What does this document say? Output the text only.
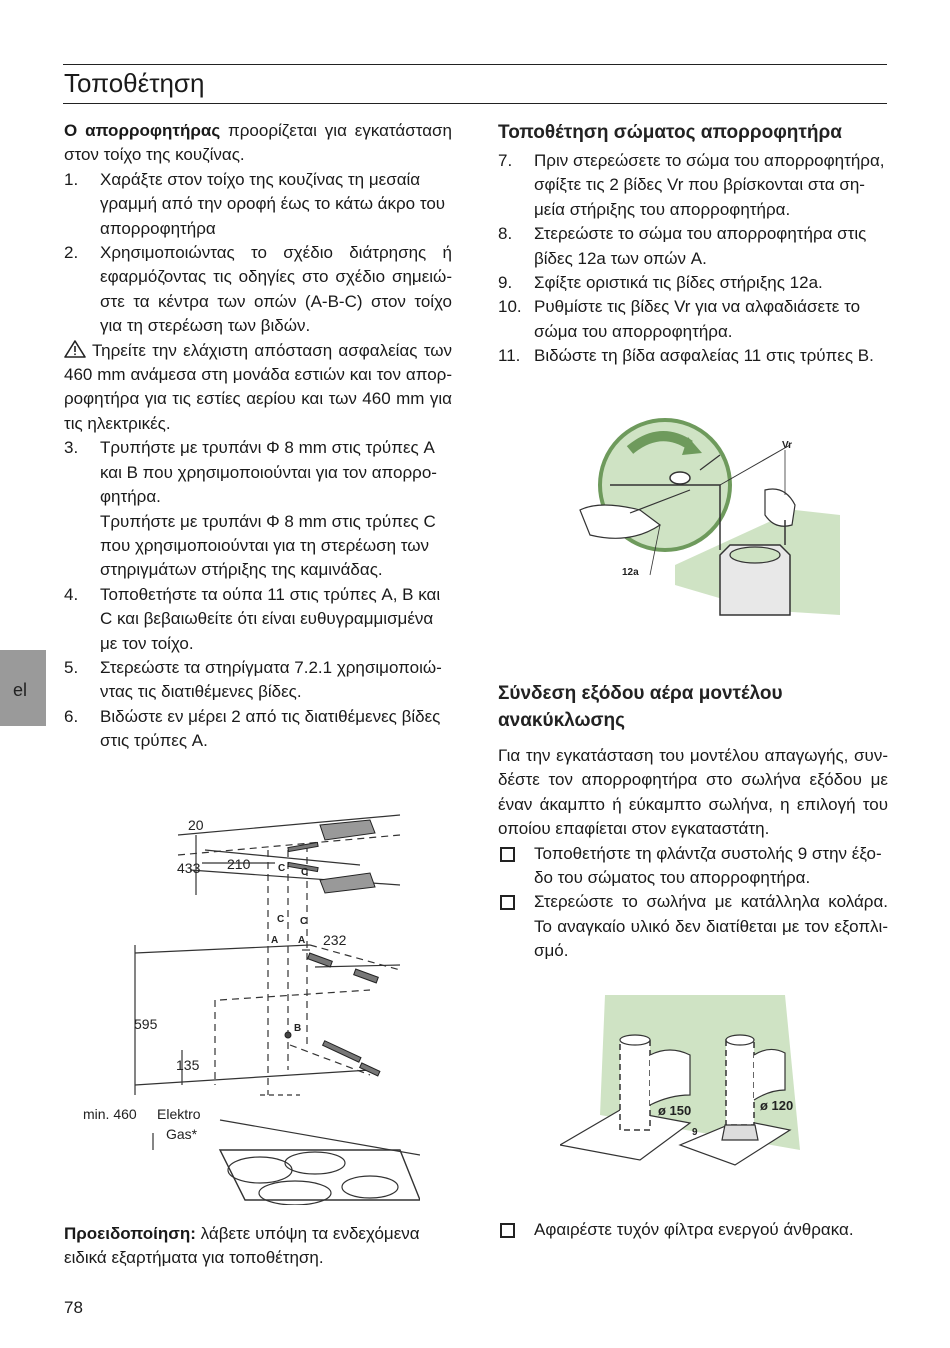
Τοποθέτηση

Ο απορροφητήρας προορίζεται για εγκατάσταση στον τοίχο της κουζίνας.

1. Χαράξτε στον τοίχο της κουζίνας τη μεσαία γραμμή από την οροφή έως το κάτω άκρο του απορροφητήρα
2. Χρησιμοποιώντας το σχέδιο διάτρησης ή εφαρμόζοντας τις οδηγίες στο σχέδιο σημειώ-στε τα κέντρα των οπών (A-B-C) στον τοίχο για τη στερέωση των βιδών.

Τηρείτε την ελάχιστη απόσταση ασφαλείας των 460 mm ανάμεσα στη μονάδα εστιών και τον απορ-ροφητήρα για τις εστίες αερίου και των 460 mm για τις ηλεκτρικές.

3. Τρυπήστε με τρυπάνι Φ 8 mm στις τρύπες A και B που χρησιμοποιούνται για τον απορρο-φητήρα.
Τρυπήστε με τρυπάνι Φ 8 mm στις τρύπες C που χρησιμοποιούνται για τη στερέωση των στηριγμάτων στήριξης της καμινάδας.
4. Τοποθετήστε τα ούπα 11 στις τρύπες A, B και C και βεβαιωθείτε ότι είναι ευθυγραμμισμένα με τον τοίχο.
5. Στερεώστε τα στηρίγματα 7.2.1 χρησιμοποιώ-ντας τις διατιθέμενες βίδες.
6. Βιδώστε εν μέρει 2 από τις διατιθέμενες βίδες στις τρύπες A.
20
433 210
232
595
135
min. 460 Elektro
Gas*
C C
C C
A A
B

Προειδοποίηση: λάβετε υπόψη τα ενδεχόμενα ειδικά εξαρτήματα για τοποθέτηση.

Τοποθέτηση σώματος απορροφητήρα
7. Πριν στερεώσετε το σώμα του απορροφητήρα, σφίξτε τις 2 βίδες Vr που βρίσκονται στα ση-μεία στήριξης του απορροφητήρα.
8. Στερεώστε το σώμα του απορροφητήρα στις βίδες 12a των οπών A.
9. Σφίξτε οριστικά τις βίδες στήριξης 12a.
10. Ρυθμίστε τις βίδες Vr για να αλφαδιάσετε το σώμα του απορροφητήρα.
11. Βιδώστε τη βίδα ασφαλείας 11 στις τρύπες B.
Vr
12a
Σύνδεση εξόδου αέρα μοντέλου ανακύκλωσης

Για την εγκατάσταση του μοντέλου απαγωγής, συν-δέστε τον απορροφητήρα στο σωλήνα εξόδου με έναν άκαμπτο ή εύκαμπτο σωλήνα, η επιλογή του οποίου επαφίεται στον εγκαταστάτη.

Τοποθετήστε τη φλάντζα συστολής 9 στην έξο-δο του σώματος του απορροφητήρα.
Στερεώστε το σωλήνα με κατάλληλα κολάρα. Το αναγκαίο υλικό δεν διατίθεται με τον εξοπλι-σμό.
ø 150	ø 120
9
Αφαιρέστε τυχόν φίλτρα ενεργού άνθρακα.
el
78
